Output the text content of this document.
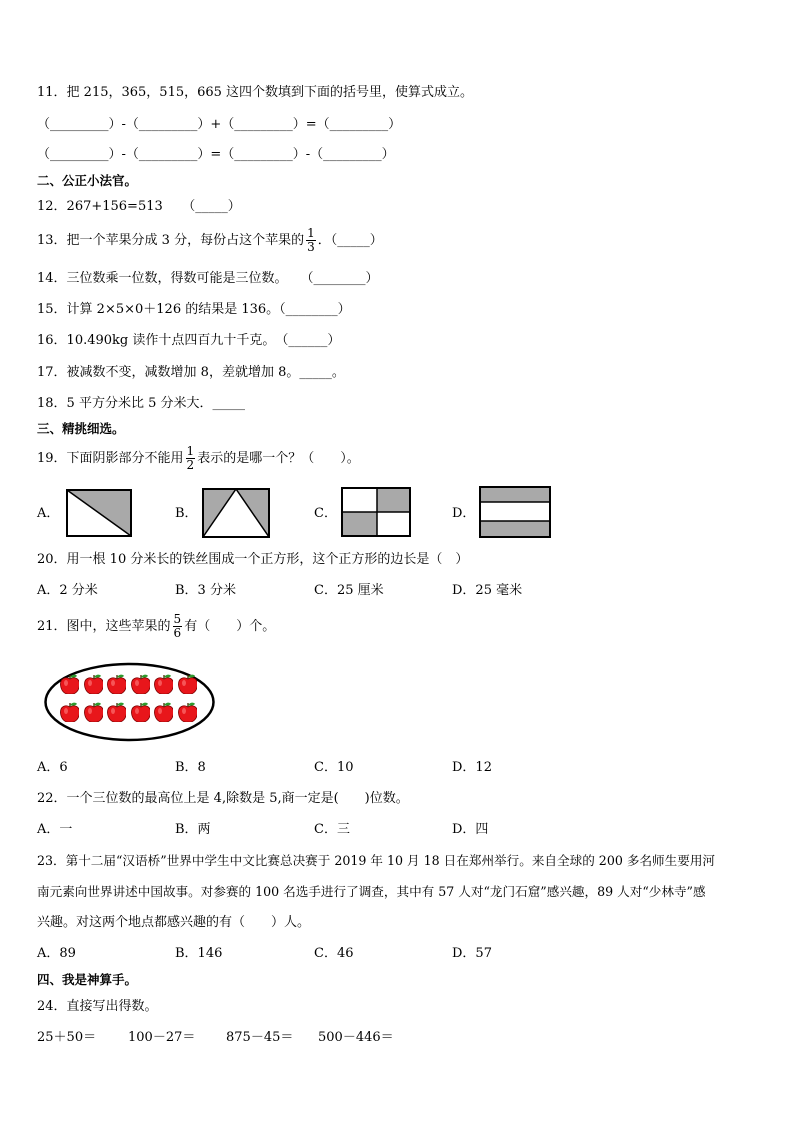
11．把 215，365，515，665 这四个数填到下面的括号里，使算式成立。
（_________）-（_________）+（_________）=（_________）
（_________）-（_________）=（_________）-（_________）
二、公正小法官。
12．267+156=513　　（_____）
13．把一个苹果分成 3 分，每份占这个苹果的 $\frac{1}{3}$ ．（_____）
14．三位数乘一位数，得数可能是三位数。　　（________）
15．计算 2×5×0＋126 的结果是 136。（________）
16．10.490kg 读作十点四百九十千克。　（______）
17．被减数不变，减数增加 8，差就增加 8。_____。
18．5 平方分米比 5 分米大．_____
三、精挑细选。
19．下面阴影部分不能用 $\frac{1}{2}$ 表示的是哪一个？（　　）。
A．	B．	C．	D．
20．用一根 10 分米长的铁丝围成一个正方形，这个正方形的边长是（　）
A．2 分米	B．3 分米	C．25 厘米	D．25 毫米
21．图中，这些苹果的 $\frac{5}{6}$ 有（　　）个。
A．6	B．8	C．10	D．12
22．一个三位数的最高位上是 4,除数是 5,商一定是(　　)位数。
A．一	B．两	C．三	D．四
23．第十二届“汉语桥”世界中学生中文比赛总决赛于 2019 年 10 月 18 日在郑州举行。来自全球的 200 多名师生要用河
南元素向世界讲述中国故事。对参赛的 100 名选手进行了调查，其中有 57 人对“龙门石窟”感兴趣，89 人对“少林寺”感
兴趣。对这两个地点都感兴趣的有（　　）人。
A．89	B．146	C．46	D．57
四、我是神算手。
24．直接写出得数。
25＋50＝ 100－27＝ 875－45＝ 500－446＝
